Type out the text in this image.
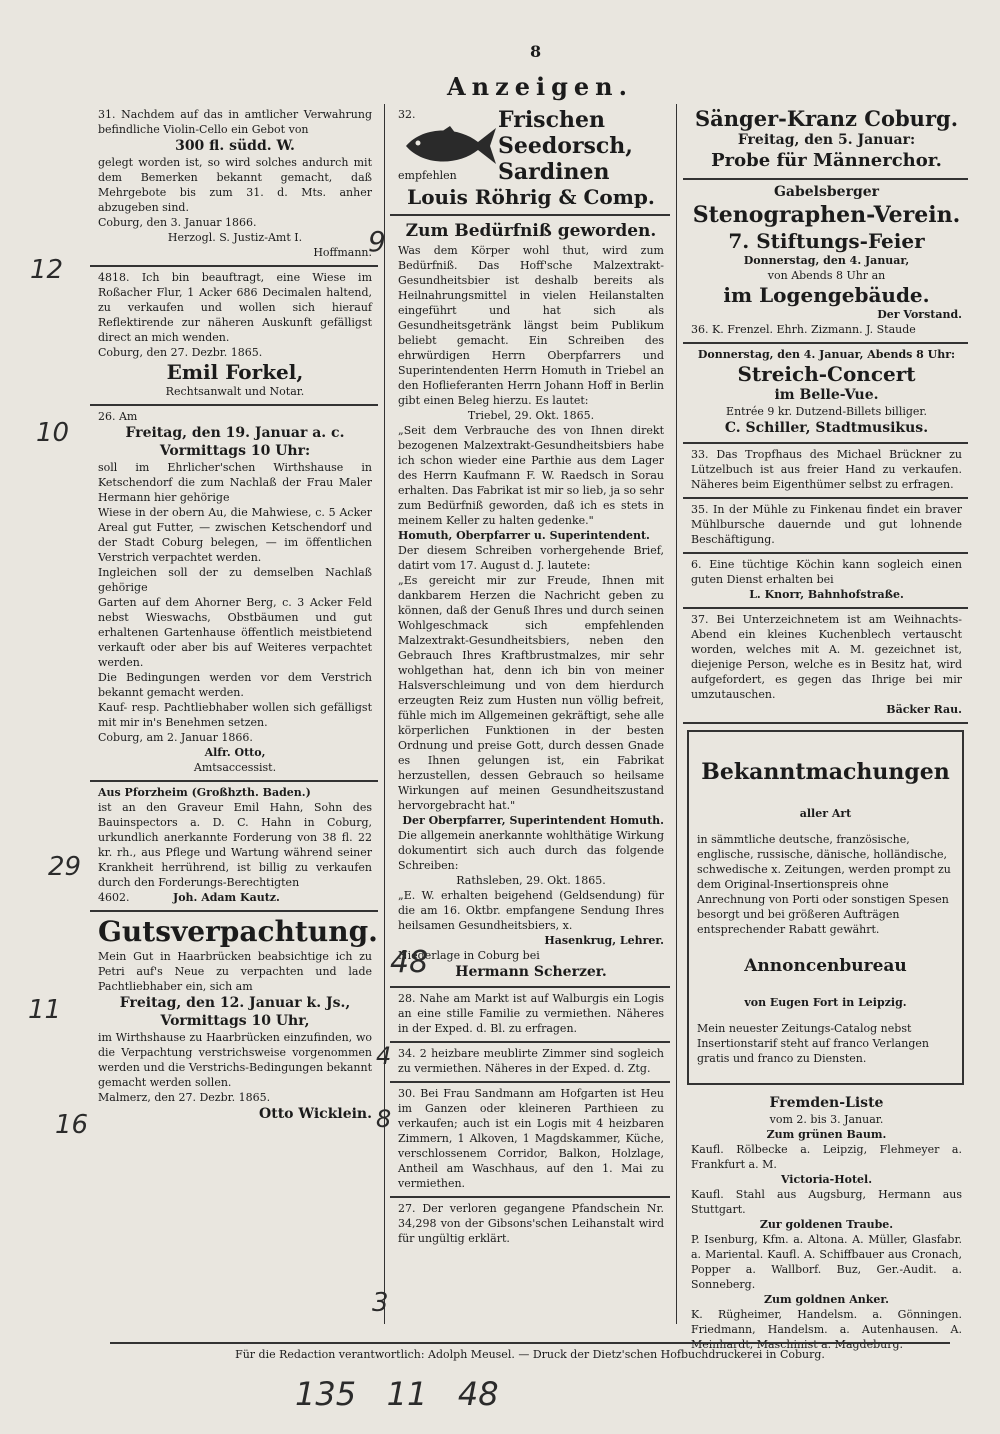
8
Anzeigen.

31. Nachdem auf das in amtlicher Verwahrung befindliche Violin-Cello ein Gebot von

300 fl. südd. W.

gelegt worden ist, so wird solches andurch mit dem Bemerken bekannt gemacht, daß Mehrgebote bis zum 31. d. Mts. anher abzugeben sind.

Coburg, den 3. Januar 1866.

Herzogl. S. Justiz-Amt I.

Hoffmann.

4818. Ich bin beauftragt, eine Wiese im Roßacher Flur, 1 Acker 686 Decimalen haltend, zu verkaufen und wollen sich hierauf Reflektirende zur näheren Auskunft gefälligst direct an mich wenden.

Coburg, den 27. Dezbr. 1865.

Emil Forkel,

Rechtsanwalt und Notar.

26. Am

Freitag, den 19. Januar a. c. Vormittags 10 Uhr:

soll im Ehrlicher'schen Wirthshause in Ketschendorf die zum Nachlaß der Frau Maler Hermann hier gehörige

Wiese in der obern Au, die Mahwiese, c. 5 Acker Areal gut Futter, — zwischen Ketschendorf und der Stadt Coburg belegen, — im öffentlichen Verstrich verpachtet werden.

Ingleichen soll der zu demselben Nachlaß gehörige

Garten auf dem Ahorner Berg, c. 3 Acker Feld nebst Wieswachs, Obstbäumen und gut erhaltenen Gartenhause öffentlich meistbietend verkauft oder aber bis auf Weiteres verpachtet werden.

Die Bedingungen werden vor dem Verstrich bekannt gemacht werden.

Kauf- resp. Pachtliebhaber wollen sich gefälligst mit mir in's Benehmen setzen.

Coburg, am 2. Januar 1866.

Alfr. Otto,

Amtsaccessist.

Aus Pforzheim (Großhzth. Baden.)

ist an den Graveur Emil Hahn, Sohn des Bauinspectors a. D. C. Hahn in Coburg, urkundlich anerkannte Forderung von 38 fl. 22 kr. rh., aus Pflege und Wartung während seiner Krankheit herrührend, ist billig zu verkaufen durch den Forderungs-Berechtigten

4602.	Joh. Adam Kautz.

Gutsverpachtung.

Mein Gut in Haarbrücken beabsichtige ich zu Petri auf's Neue zu verpachten und lade Pachtliebhaber ein, sich am

Freitag, den 12. Januar k. Js., Vormittags 10 Uhr,

im Wirthshause zu Haarbrücken einzufinden, wo die Verpachtung verstrichsweise vorgenommen werden und die Verstrichs-Bedingungen bekannt gemacht werden sollen.

Malmerz, den 27. Dezbr. 1865.

Otto Wicklein.

32.
empfehlen
Frischen Seedorsch, Sardinen

Louis Röhrig & Comp.

Zum Bedürfniß geworden.

Was dem Körper wohl thut, wird zum Bedürfniß. Das Hoff'sche Malzextrakt-Gesundheitsbier ist deshalb bereits als Heilnahrungsmittel in vielen Heilanstalten eingeführt und hat sich als Gesundheitsgetränk längst beim Publikum beliebt gemacht. Ein Schreiben des ehrwürdigen Herrn Oberpfarrers und Superintendenten Herrn Homuth in Triebel an den Hoflieferanten Herrn Johann Hoff in Berlin gibt einen Beleg hierzu. Es lautet:

Triebel, 29. Okt. 1865.

„Seit dem Verbrauche des von Ihnen direkt bezogenen Malzextrakt-Gesundheitsbiers habe ich schon wieder eine Parthie aus dem Lager des Herrn Kaufmann F. W. Raedsch in Sorau erhalten. Das Fabrikat ist mir so lieb, ja so sehr zum Bedürfniß geworden, daß ich es stets in meinem Keller zu halten gedenke."

Homuth, Oberpfarrer u. Superintendent.

Der diesem Schreiben vorhergehende Brief, datirt vom 17. August d. J. lautete:

„Es gereicht mir zur Freude, Ihnen mit dankbarem Herzen die Nachricht geben zu können, daß der Genuß Ihres und durch seinen Wohlgeschmack sich empfehlenden Malzextrakt-Gesundheitsbiers, neben den Gebrauch Ihres Kraftbrustmalzes, mir sehr wohlgethan hat, denn ich bin von meiner Halsverschleimung und von dem hierdurch erzeugten Reiz zum Husten nun völlig befreit, fühle mich im Allgemeinen gekräftigt, sehe alle körperlichen Funktionen in der besten Ordnung und preise Gott, durch dessen Gnade es Ihnen gelungen ist, ein Fabrikat herzustellen, dessen Gebrauch so heilsame Wirkungen auf meinen Gesundheitszustand hervorgebracht hat."

Der Oberpfarrer, Superintendent Homuth.

Die allgemein anerkannte wohlthätige Wirkung dokumentirt sich auch durch das folgende Schreiben:

Rathsleben, 29. Okt. 1865.

„E. W. erhalten beigehend (Geldsendung) für die am 16. Oktbr. empfangene Sendung Ihres heilsamen Gesundheitsbiers, x.

Hasenkrug, Lehrer.

Niederlage in Coburg bei

Hermann Scherzer.

28. Nahe am Markt ist auf Walburgis ein Logis an eine stille Familie zu vermiethen. Näheres in der Exped. d. Bl. zu erfragen.

34. 2 heizbare meublirte Zimmer sind sogleich zu vermiethen. Näheres in der Exped. d. Ztg.

30. Bei Frau Sandmann am Hofgarten ist Heu im Ganzen oder kleineren Parthieen zu verkaufen; auch ist ein Logis mit 4 heizbaren Zimmern, 1 Alkoven, 1 Magdskammer, Küche, verschlossenem Corridor, Balkon, Holzlage, Antheil am Waschhaus, auf den 1. Mai zu vermiethen.

27. Der verloren gegangene Pfandschein Nr. 34,298 von der Gibsons'schen Leihanstalt wird für ungültig erklärt.

Sänger-Kranz Coburg.

Freitag, den 5. Januar:

Probe für Männerchor.

Gabelsberger

Stenographen-Verein.

7. Stiftungs-Feier

Donnerstag, den 4. Januar,

von Abends 8 Uhr an

im Logengebäude.

Der Vorstand.

36. K. Frenzel. Ehrh. Zizmann. J. Staude

Donnerstag, den 4. Januar, Abends 8 Uhr:

Streich-Concert

im Belle-Vue.

Entrée 9 kr. Dutzend-Billets billiger.

C. Schiller, Stadtmusikus.

33. Das Tropfhaus des Michael Brückner zu Lützelbuch ist aus freier Hand zu verkaufen. Näheres beim Eigenthümer selbst zu erfragen.

35. In der Mühle zu Finkenau findet ein braver Mühlbursche dauernde und gut lohnende Beschäftigung.

6. Eine tüchtige Köchin kann sogleich einen guten Dienst erhalten bei

L. Knorr, Bahnhofstraße.

37. Bei Unterzeichnetem ist am Weihnachts-Abend ein kleines Kuchenblech vertauscht worden, welches mit A. M. gezeichnet ist, diejenige Person, welche es in Besitz hat, wird aufgefordert, es gegen das Ihrige bei mir umzutauschen.

Bäcker Rau.

Bekanntmachungen

aller Art

in sämmtliche deutsche, französische, englische, russische, dänische, holländische, schwedische x. Zeitungen, werden prompt zu dem Original-Insertionspreis ohne Anrechnung von Porti oder sonstigen Spesen besorgt und bei größeren Aufträgen entsprechender Rabatt gewährt.

Annoncenbureau

von Eugen Fort in Leipzig.

Mein neuester Zeitungs-Catalog nebst Insertionstarif steht auf franco Verlangen gratis und franco zu Diensten.

Fremden-Liste

vom 2. bis 3. Januar.

Zum grünen Baum.

Kaufl. Rölbecke a. Leipzig, Flehmeyer a. Frankfurt a. M.

Victoria-Hotel.

Kaufl. Stahl aus Augsburg, Hermann aus Stuttgart.

Zur goldenen Traube.

P. Isenburg, Kfm. a. Altona. A. Müller, Glasfabr. a. Mariental. Kaufl. A. Schiffbauer aus Cronach, Popper a. Wallborf. Buz, Ger.-Audit. a. Sonneberg.

Zum goldnen Anker.

K. Rügheimer, Handelsm. a. Gönningen. Friedmann, Handelsm. a. Autenhausen. A. Meinhardt, Maschinist a. Magdeburg.

Für die Redaction verantwortlich: Adolph Meusel. — Druck der Dietz'schen Hofbuchdruckerei in Coburg.
12
10
29
11
16
9
48
4
8
3
135   11   48
